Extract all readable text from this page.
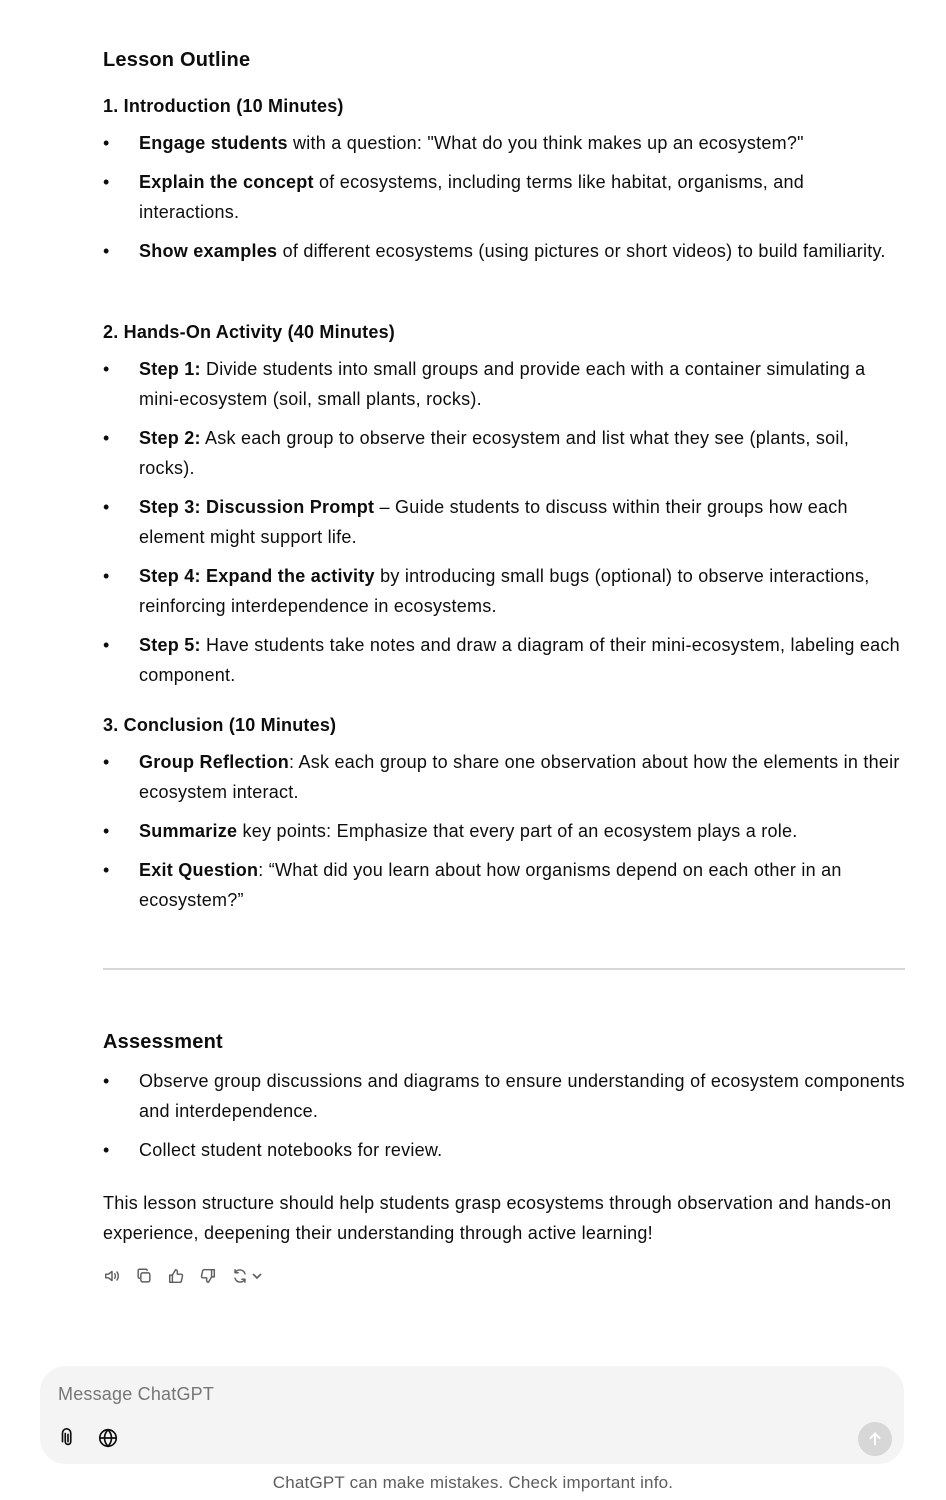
Lesson Outline
1. Introduction (10 Minutes)
• Engage students with a question: "What do you think makes up an ecosystem?"
• Explain the concept of ecosystems, including terms like habitat, organisms, and interactions.
• Show examples of different ecosystems (using pictures or short videos) to build familiarity.
2. Hands-On Activity (40 Minutes)
• Step 1: Divide students into small groups and provide each with a container simulating a mini-ecosystem (soil, small plants, rocks).
• Step 2: Ask each group to observe their ecosystem and list what they see (plants, soil, rocks).
• Step 3: Discussion Prompt – Guide students to discuss within their groups how each element might support life.
• Step 4: Expand the activity by introducing small bugs (optional) to observe interactions, reinforcing interdependence in ecosystems.
• Step 5: Have students take notes and draw a diagram of their mini-ecosystem, labeling each component.
3. Conclusion (10 Minutes)
• Group Reflection: Ask each group to share one observation about how the elements in their ecosystem interact.
• Summarize key points: Emphasize that every part of an ecosystem plays a role.
• Exit Question: “What did you learn about how organisms depend on each other in an ecosystem?”
Assessment
• Observe group discussions and diagrams to ensure understanding of ecosystem components and interdependence.
• Collect student notebooks for review.

This lesson structure should help students grasp ecosystems through observation and hands-on experience, deepening their understanding through active learning!

Message ChatGPT
ChatGPT can make mistakes. Check important info.
